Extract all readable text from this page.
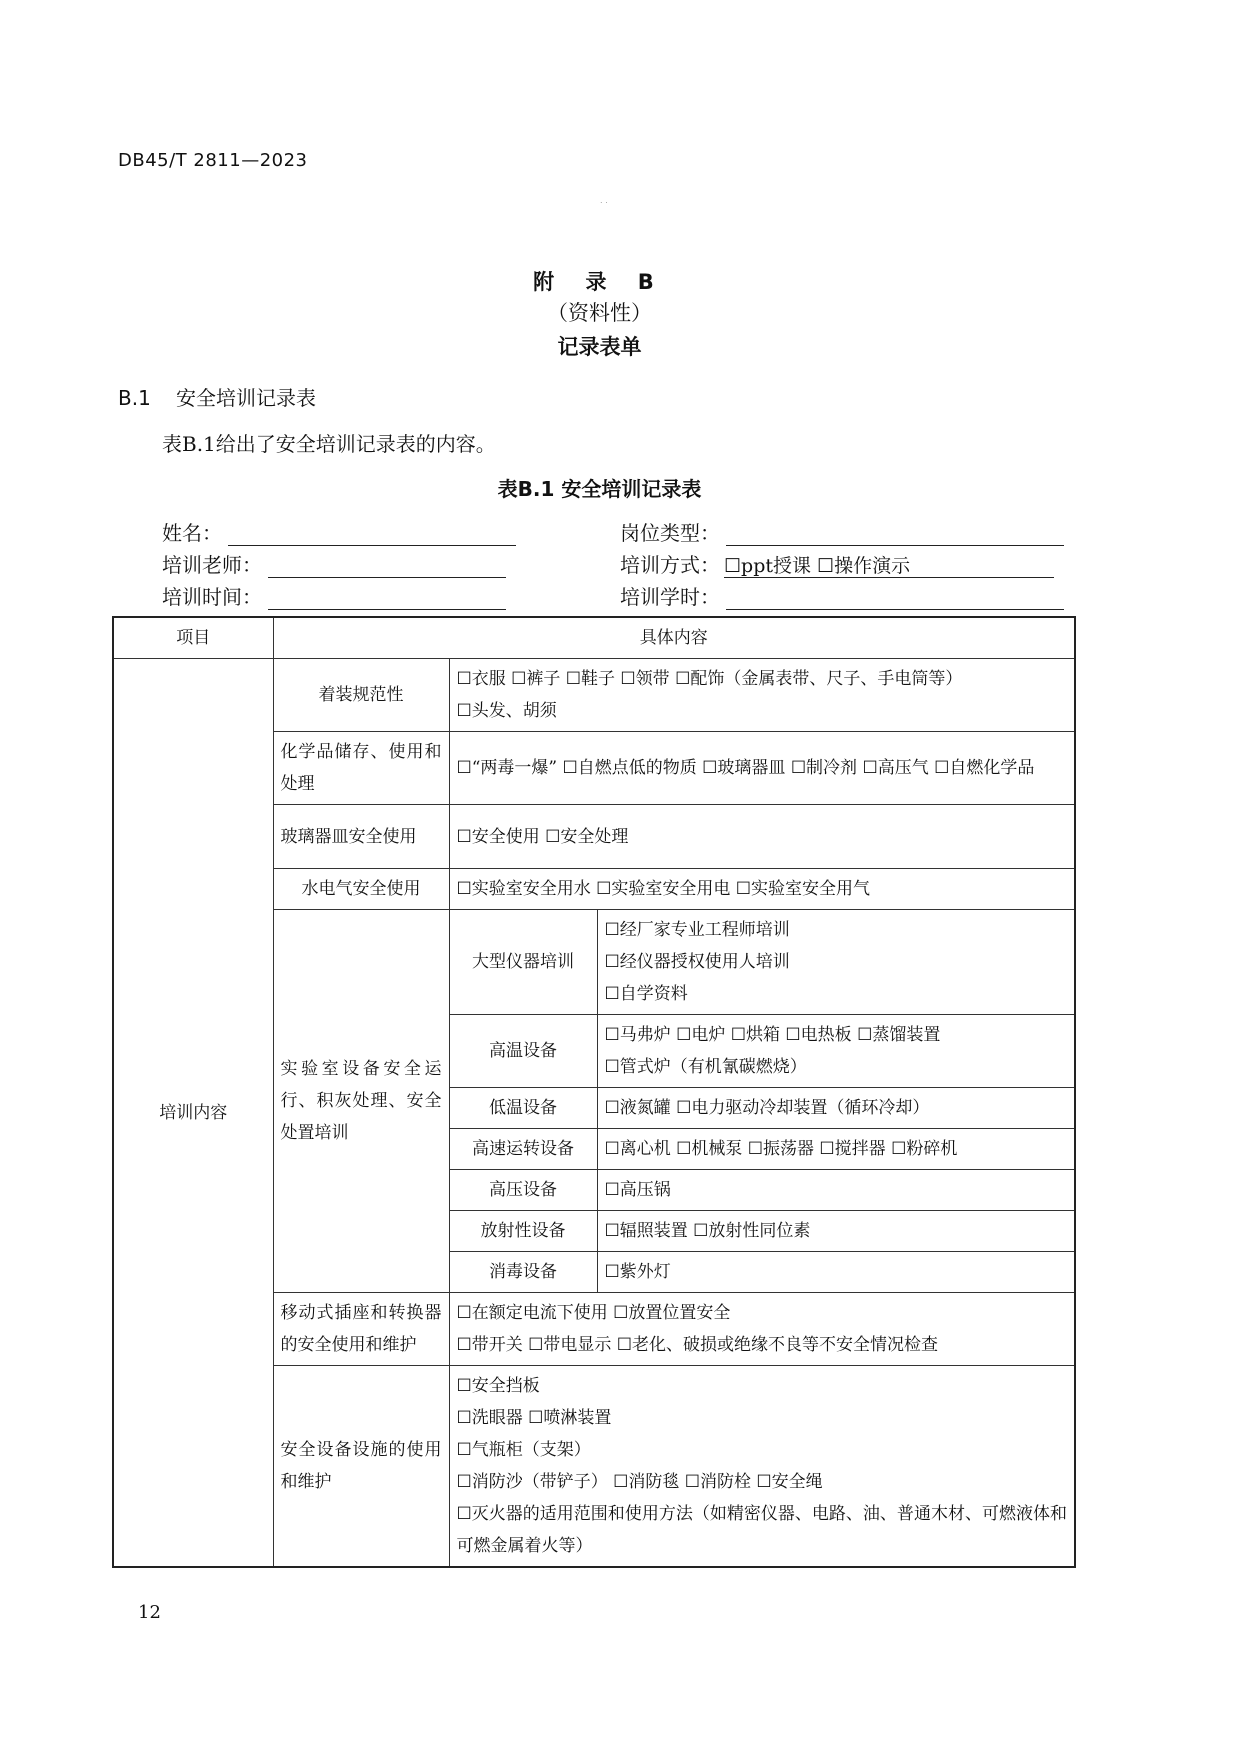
DB45/T 2811—2023
. .
附 录 B
（资料性）
记录表单
B.1 安全培训记录表
表B.1给出了安全培训记录表的内容。
表B.1 安全培训记录表
姓名：	岗位类型：
培训老师：	培训方式： ☐ppt授课 ☐操作演示
培训时间：	培训学时：
项目	具体内容		
培训内容	着装规范性	☐衣服 ☐裤子 ☐鞋子 ☐领带 ☐配饰（金属表带、尺子、手电筒等）
☐头发、胡须	

	化学品储存、使用和处理	☐“两毒一爆” ☐自燃点低的物质 ☐玻璃器皿 ☐制冷剂 ☐高压气 ☐自燃化学品	
	玻璃器皿安全使用	☐安全使用 ☐安全处理	
	水电气安全使用	☐实验室安全用水 ☐实验室安全用电 ☐实验室安全用气	
	实验室设备安全运行、积灰处理、安全处置培训	大型仪器培训	☐经厂家专业工程师培训
☐经仪器授权使用人培训
☐自学资料

		高温设备	☐马弗炉 ☐电炉 ☐烘箱 ☐电热板 ☐蒸馏装置
☐管式炉（有机氰碳燃烧）

		低温设备	☐液氮罐 ☐电力驱动冷却装置（循环冷却）
		高速运转设备	☐离心机 ☐机械泵 ☐振荡器 ☐搅拌器 ☐粉碎机
		高压设备	☐高压锅
		放射性设备	☐辐照装置 ☐放射性同位素
		消毒设备	☐紫外灯
	移动式插座和转换器的安全使用和维护	☐在额定电流下使用 ☐放置位置安全
☐带开关 ☐带电显示 ☐老化、破损或绝缘不良等不安全情况检查	

	安全设备设施的使用和维护	☐安全挡板
☐洗眼器 ☐喷淋装置
☐气瓶柜（支架）
☐消防沙（带铲子） ☐消防毯 ☐消防栓 ☐安全绳
☐灭火器的适用范围和使用方法（如精密仪器、电路、油、普通木材、可燃液体和可燃金属着火等）	
12
